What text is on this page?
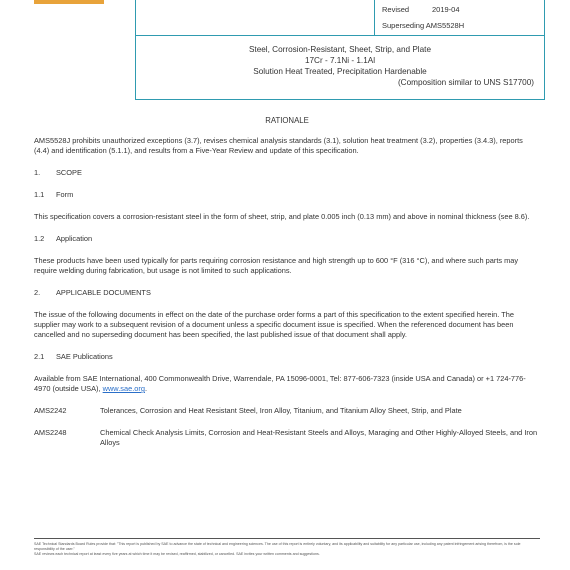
Revised	2019-04
Superseding AMS5528H
Steel, Corrosion-Resistant, Sheet, Strip, and Plate
17Cr - 7.1Ni - 1.1Al
Solution Heat Treated, Precipitation Hardenable
(Composition similar to UNS S17700)
RATIONALE

AMS5528J prohibits unauthorized exceptions (3.7), revises chemical analysis standards (3.1), solution heat treatment (3.2), properties (3.4.3), reports (4.4) and identification (5.1.1), and results from a Five-Year Review and update of this specification.

1. SCOPE
1.1 Form

This specification covers a corrosion-resistant steel in the form of sheet, strip, and plate 0.005 inch (0.13 mm) and above in nominal thickness (see 8.6).

1.2 Application

These products have been used typically for parts requiring corrosion resistance and high strength up to 600 °F (316 °C), and where such parts may require welding during fabrication, but usage is not limited to such applications.

2. APPLICABLE DOCUMENTS

The issue of the following documents in effect on the date of the purchase order forms a part of this specification to the extent specified herein. The supplier may work to a subsequent revision of a document unless a specific document issue is specified. When the referenced document has been cancelled and no superseding document has been specified, the last published issue of that document shall apply.

2.1 SAE Publications

Available from SAE International, 400 Commonwealth Drive, Warrendale, PA 15096-0001, Tel: 877-606-7323 (inside USA and Canada) or +1 724-776-4970 (outside USA), www.sae.org.

AMS2242	Tolerances, Corrosion and Heat Resistant Steel, Iron Alloy, Titanium, and Titanium Alloy Sheet, Strip, and Plate
AMS2248	Chemical Check Analysis Limits, Corrosion and Heat-Resistant Steels and Alloys, Maraging and Other Highly-Alloyed Steels, and Iron Alloys
SAE Technical Standards Board Rules provide that: "This report is published by SAE to advance the state of technical and engineering sciences. The use of this report is entirely voluntary, and its applicability and suitability for any particular use, including any patent infringement arising therefrom, is the sole responsibility of the user."
SAE reviews each technical report at least every five years at which time it may be revised, reaffirmed, stabilized, or cancelled. SAE invites your written comments and suggestions.
